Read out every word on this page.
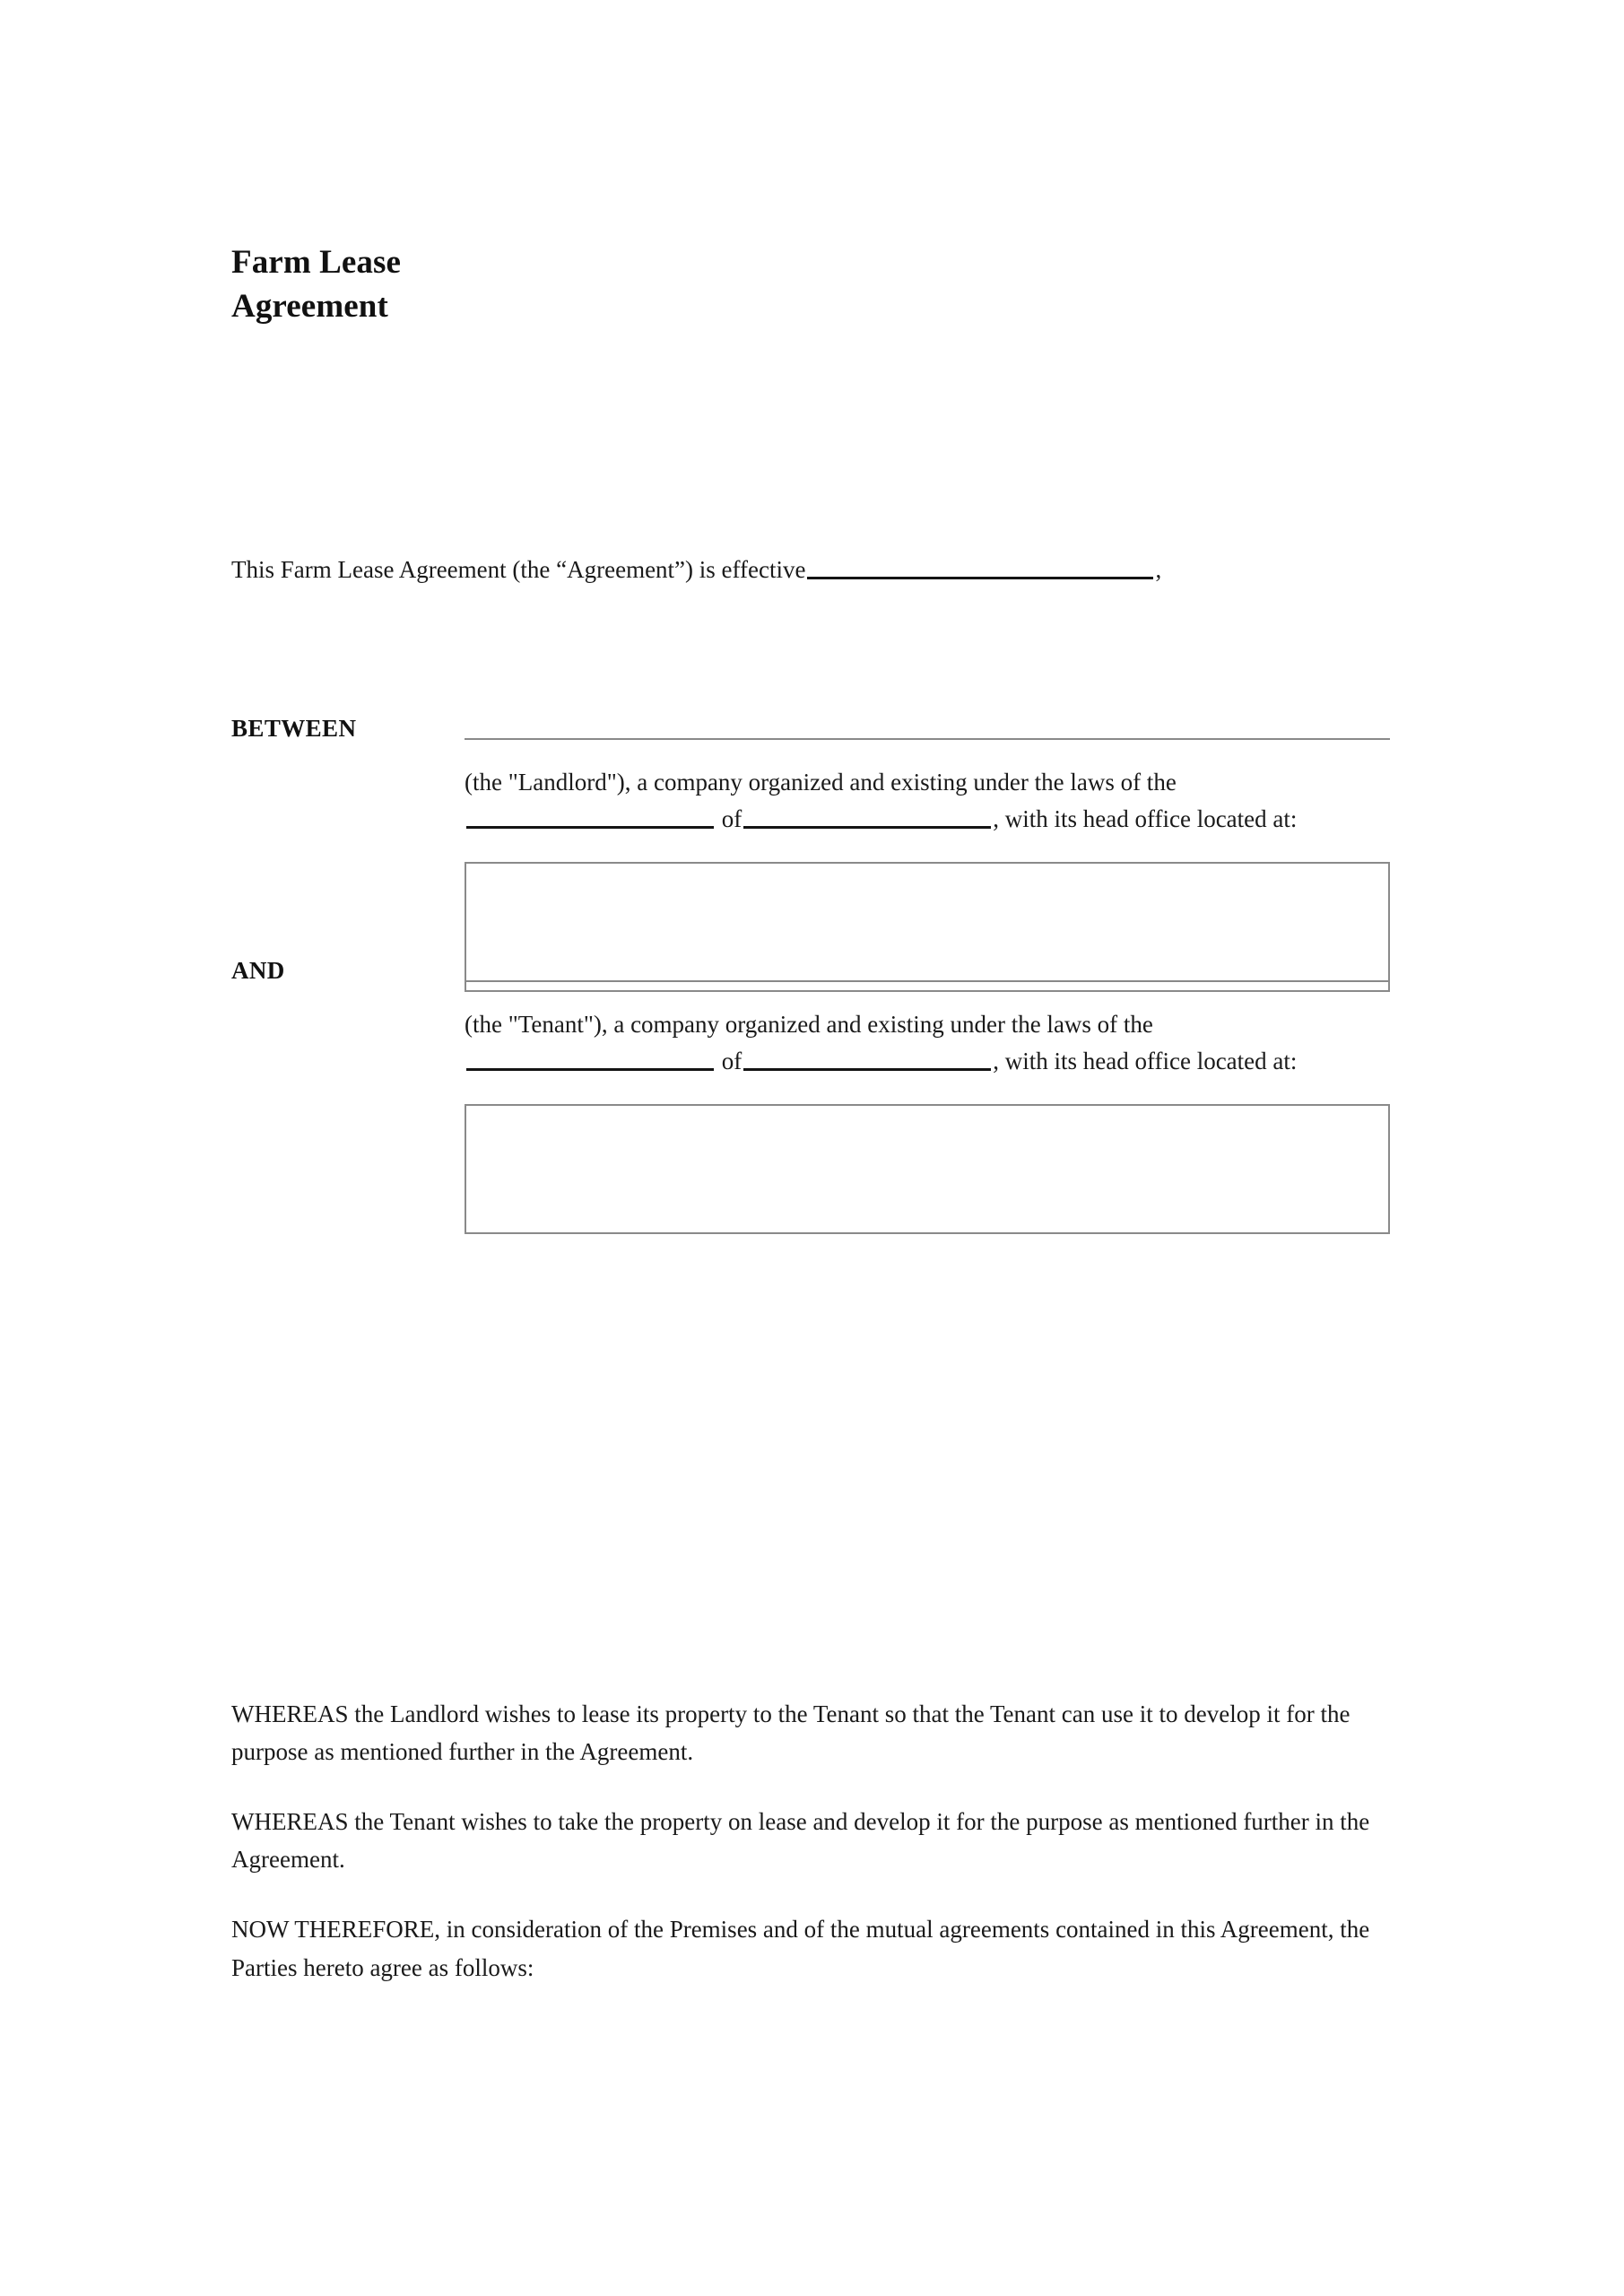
Farm Lease
Agreement

This Farm Lease Agreement (the “Agreement”) is effective	,

BETWEEN

(the "Landlord"), a company organized and existing under the laws of the of	, with its head office located at:

AND

(the "Tenant"), a company organized and existing under the laws of the of	, with its head office located at:

WHEREAS the Landlord wishes to lease its property to the Tenant so that the Tenant can use it to develop it for the purpose as mentioned further in the Agreement.

WHEREAS the Tenant wishes to take the property on lease and develop it for the purpose as mentioned further in the Agreement.

NOW THEREFORE, in consideration of the Premises and of the mutual agreements contained in this Agreement, the Parties hereto agree as follows:
